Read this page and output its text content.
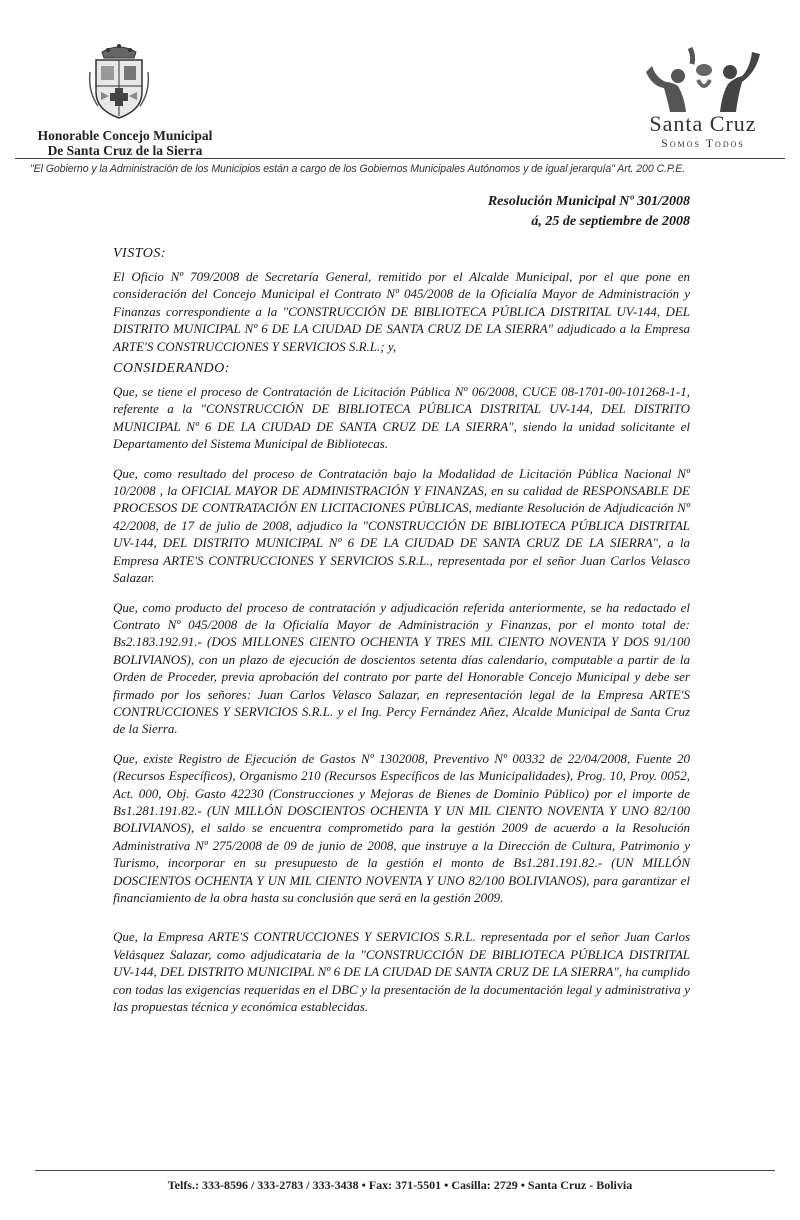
Honorable Concejo Municipal
De Santa Cruz de la Sierra
Santa Cruz
Somos Todos
"El Gobierno y la Administración de los Municipios están a cargo de los Gobiernos Municipales Autónomos y de igual jerarquía" Art. 200 C.P.E.
Resolución Municipal Nº 301/2008
á, 25 de septiembre de 2008
VISTOS:

El Oficio Nº 709/2008 de Secretaría General, remitido por el Alcalde Municipal, por el que pone en consideración del Concejo Municipal el Contrato Nº 045/2008 de la Oficialía Mayor de Administración y Finanzas correspondiente a la "CONSTRUCCIÓN DE BIBLIOTECA PÚBLICA DISTRITAL UV-144, DEL DISTRITO MUNICIPAL Nº 6 DE LA CIUDAD DE SANTA CRUZ DE LA SIERRA" adjudicado a la Empresa ARTE'S CONSTRUCCIONES Y SERVICIOS S.R.L.; y,

CONSIDERANDO:

Que, se tiene el proceso de Contratación de Licitación Pública Nº 06/2008, CUCE 08-1701-00-101268-1-1, referente a la "CONSTRUCCIÓN DE BIBLIOTECA PÚBLICA DISTRITAL UV-144, DEL DISTRITO MUNICIPAL Nº 6 DE LA CIUDAD DE SANTA CRUZ DE LA SIERRA", siendo la unidad solicitante el Departamento del Sistema Municipal de Bibliotecas.

Que, como resultado del proceso de Contratación bajo la Modalidad de Licitación Pública Nacional Nº 10/2008 , la OFICIAL MAYOR DE ADMINISTRACIÓN Y FINANZAS, en su calidad de RESPONSABLE DE PROCESOS DE CONTRATACIÓN EN LICITACIONES PÚBLICAS, mediante Resolución de Adjudicación Nº 42/2008, de 17 de julio de 2008, adjudico la "CONSTRUCCIÓN DE BIBLIOTECA PÚBLICA DISTRITAL UV-144, DEL DISTRITO MUNICIPAL Nº 6 DE LA CIUDAD DE SANTA CRUZ DE LA SIERRA", a la Empresa ARTE'S CONTRUCCIONES Y SERVICIOS S.R.L., representada por el señor Juan Carlos Velasco Salazar.

Que, como producto del proceso de contratación y adjudicación referida anteriormente, se ha redactado el Contrato Nº 045/2008 de la Oficialía Mayor de Administración y Finanzas, por el monto total de: Bs2.183.192.91.- (DOS MILLONES CIENTO OCHENTA Y TRES MIL CIENTO NOVENTA Y DOS 91/100 BOLIVIANOS), con un plazo de ejecución de doscientos setenta días calendario, computable a partir de la Orden de Proceder, previa aprobación del contrato por parte del Honorable Concejo Municipal y debe ser firmado por los señores: Juan Carlos Velasco Salazar, en representación legal de la Empresa ARTE'S CONTRUCCIONES Y SERVICIOS S.R.L. y el Ing. Percy Fernández Añez, Alcalde Municipal de Santa Cruz de la Sierra.

Que, existe Registro de Ejecución de Gastos Nº 1302008, Preventivo Nº 00332 de 22/04/2008, Fuente 20 (Recursos Específicos), Organismo 210 (Recursos Específicos de las Municipalidades), Prog. 10, Proy. 0052, Act. 000, Obj. Gasto 42230 (Construcciones y Mejoras de Bienes de Dominio Público) por el importe de Bs1.281.191.82.- (UN MILLÓN DOSCIENTOS OCHENTA Y UN MIL CIENTO NOVENTA Y UNO 82/100 BOLIVIANOS), el saldo se encuentra comprometido para la gestión 2009 de acuerdo a la Resolución Administrativa Nº 275/2008 de 09 de junio de 2008, que instruye a la Dirección de Cultura, Patrimonio y Turismo, incorporar en su presupuesto de la gestión el monto de Bs1.281.191.82.- (UN MILLÓN DOSCIENTOS OCHENTA Y UN MIL CIENTO NOVENTA Y UNO 82/100 BOLIVIANOS), para garantizar el financiamiento de la obra hasta su conclusión que será en la gestión 2009.

Que, la Empresa ARTE'S CONTRUCCIONES Y SERVICIOS S.R.L. representada por el señor Juan Carlos Velásquez Salazar, como adjudicataria de la "CONSTRUCCIÓN DE BIBLIOTECA PÚBLICA DISTRITAL UV-144, DEL DISTRITO MUNICIPAL Nº 6 DE LA CIUDAD DE SANTA CRUZ DE LA SIERRA", ha cumplido con todas las exigencias requeridas en el DBC y la presentación de la documentación legal y administrativa y las propuestas técnica y económica establecidas.

Telfs.: 333-8596 / 333-2783 / 333-3438 • Fax: 371-5501 • Casilla: 2729 • Santa Cruz - Bolivia
